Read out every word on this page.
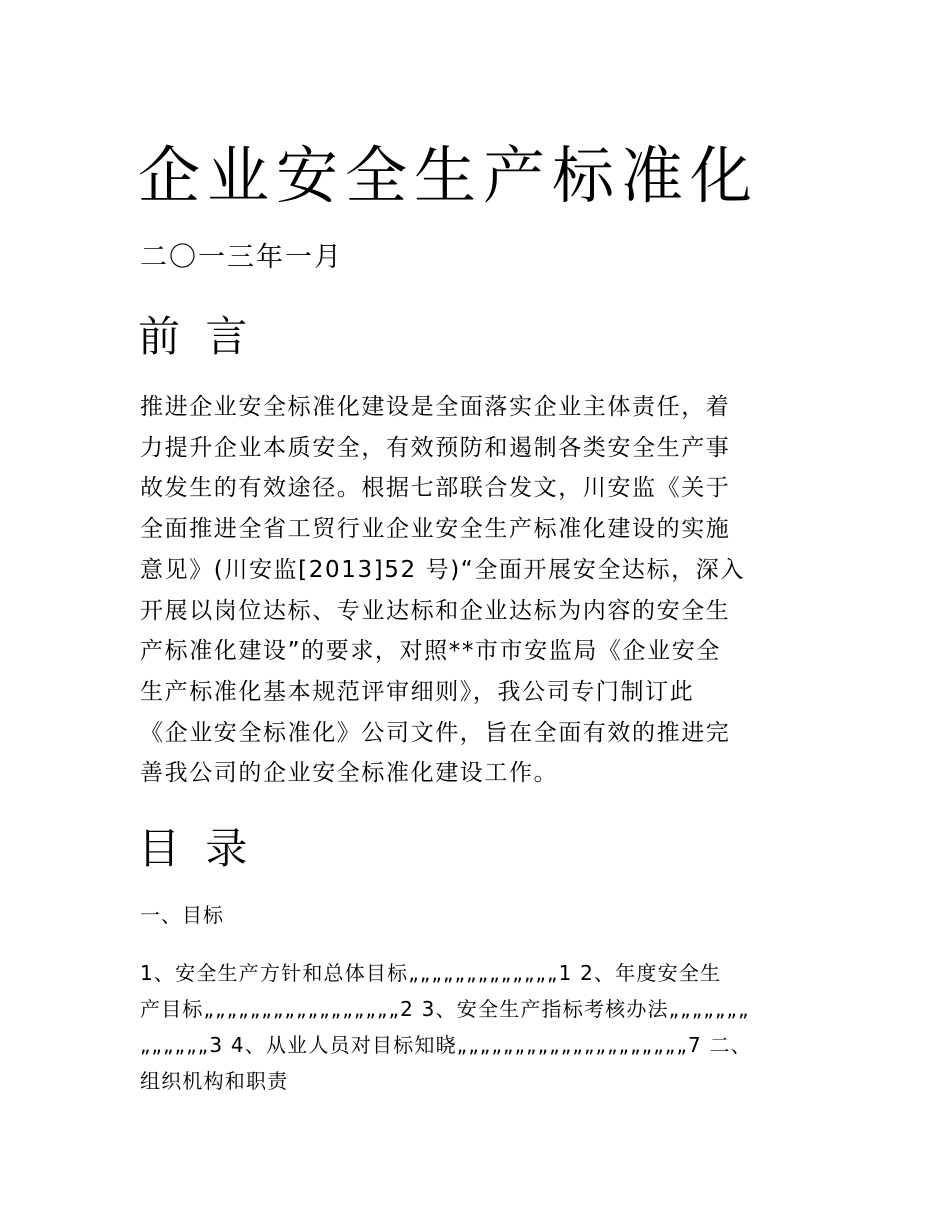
企业安全生产标准化
二〇一三年一月
前 言
推进企业安全标准化建设是全面落实企业主体责任，着
力提升企业本质安全，有效预防和遏制各类安全生产事
故发生的有效途径。根据七部联合发文，川安监《关于
全面推进全省工贸行业企业安全生产标准化建设的实施
意见》(川安监[2013]52 号)“全面开展安全达标，深入
开展以岗位达标、专业达标和企业达标为内容的安全生
产标准化建设”的要求，对照**市市安监局《企业安全
生产标准化基本规范评审细则》，我公司专门制订此
《企业安全标准化》公司文件，旨在全面有效的推进完
善我公司的企业安全标准化建设工作。
目 录
一、目标
1、安全生产方针和总体目标„„„„„„„„„„„„„1 2、年度安全生
产目标„„„„„„„„„„„„„„„„„2 3、安全生产指标考核办法„„„„„„„
„„„„„„3 4、从业人员对目标知晓„„„„„„„„„„„„„„„„„„„„7 二、
组织机构和职责
